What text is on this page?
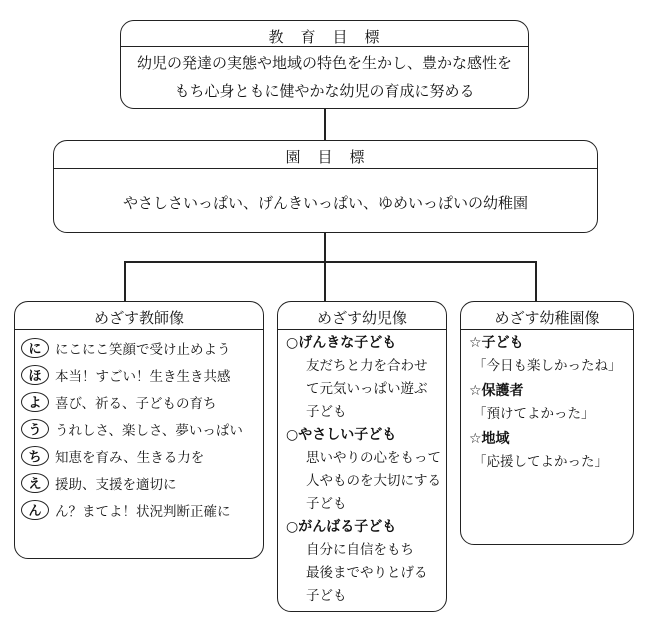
教　育　目　標
幼児の発達の実態や地域の特色を生かし、豊かな感性を
もち心身ともに健やかな幼児の育成に努める
園　目　標
やさしさいっぱい、げんきいっぱい、ゆめいっぱいの幼稚園
めざす教師像
に	にこにこ笑顔で受け止めよう
ほ	本当！すごい！生き生き共感
よ	喜び、祈る、子どもの育ち
う	うれしさ、楽しさ、夢いっぱい
ち	知恵を育み、生きる力を
え	援助、支援を適切に
ん	ん？まてよ！状況判断正確に
めざす幼児像
○げんきな子ども
友だちと力を合わせ
て元気いっぱい遊ぶ
子ども
○やさしい子ども
思いやりの心をもって
人やものを大切にする
子ども
○がんばる子ども
自分に自信をもち
最後までやりとげる
子ども
めざす幼稚園像
☆子ども
「今日も楽しかったね」
☆保護者
「預けてよかった」
☆地域
「応援してよかった」
